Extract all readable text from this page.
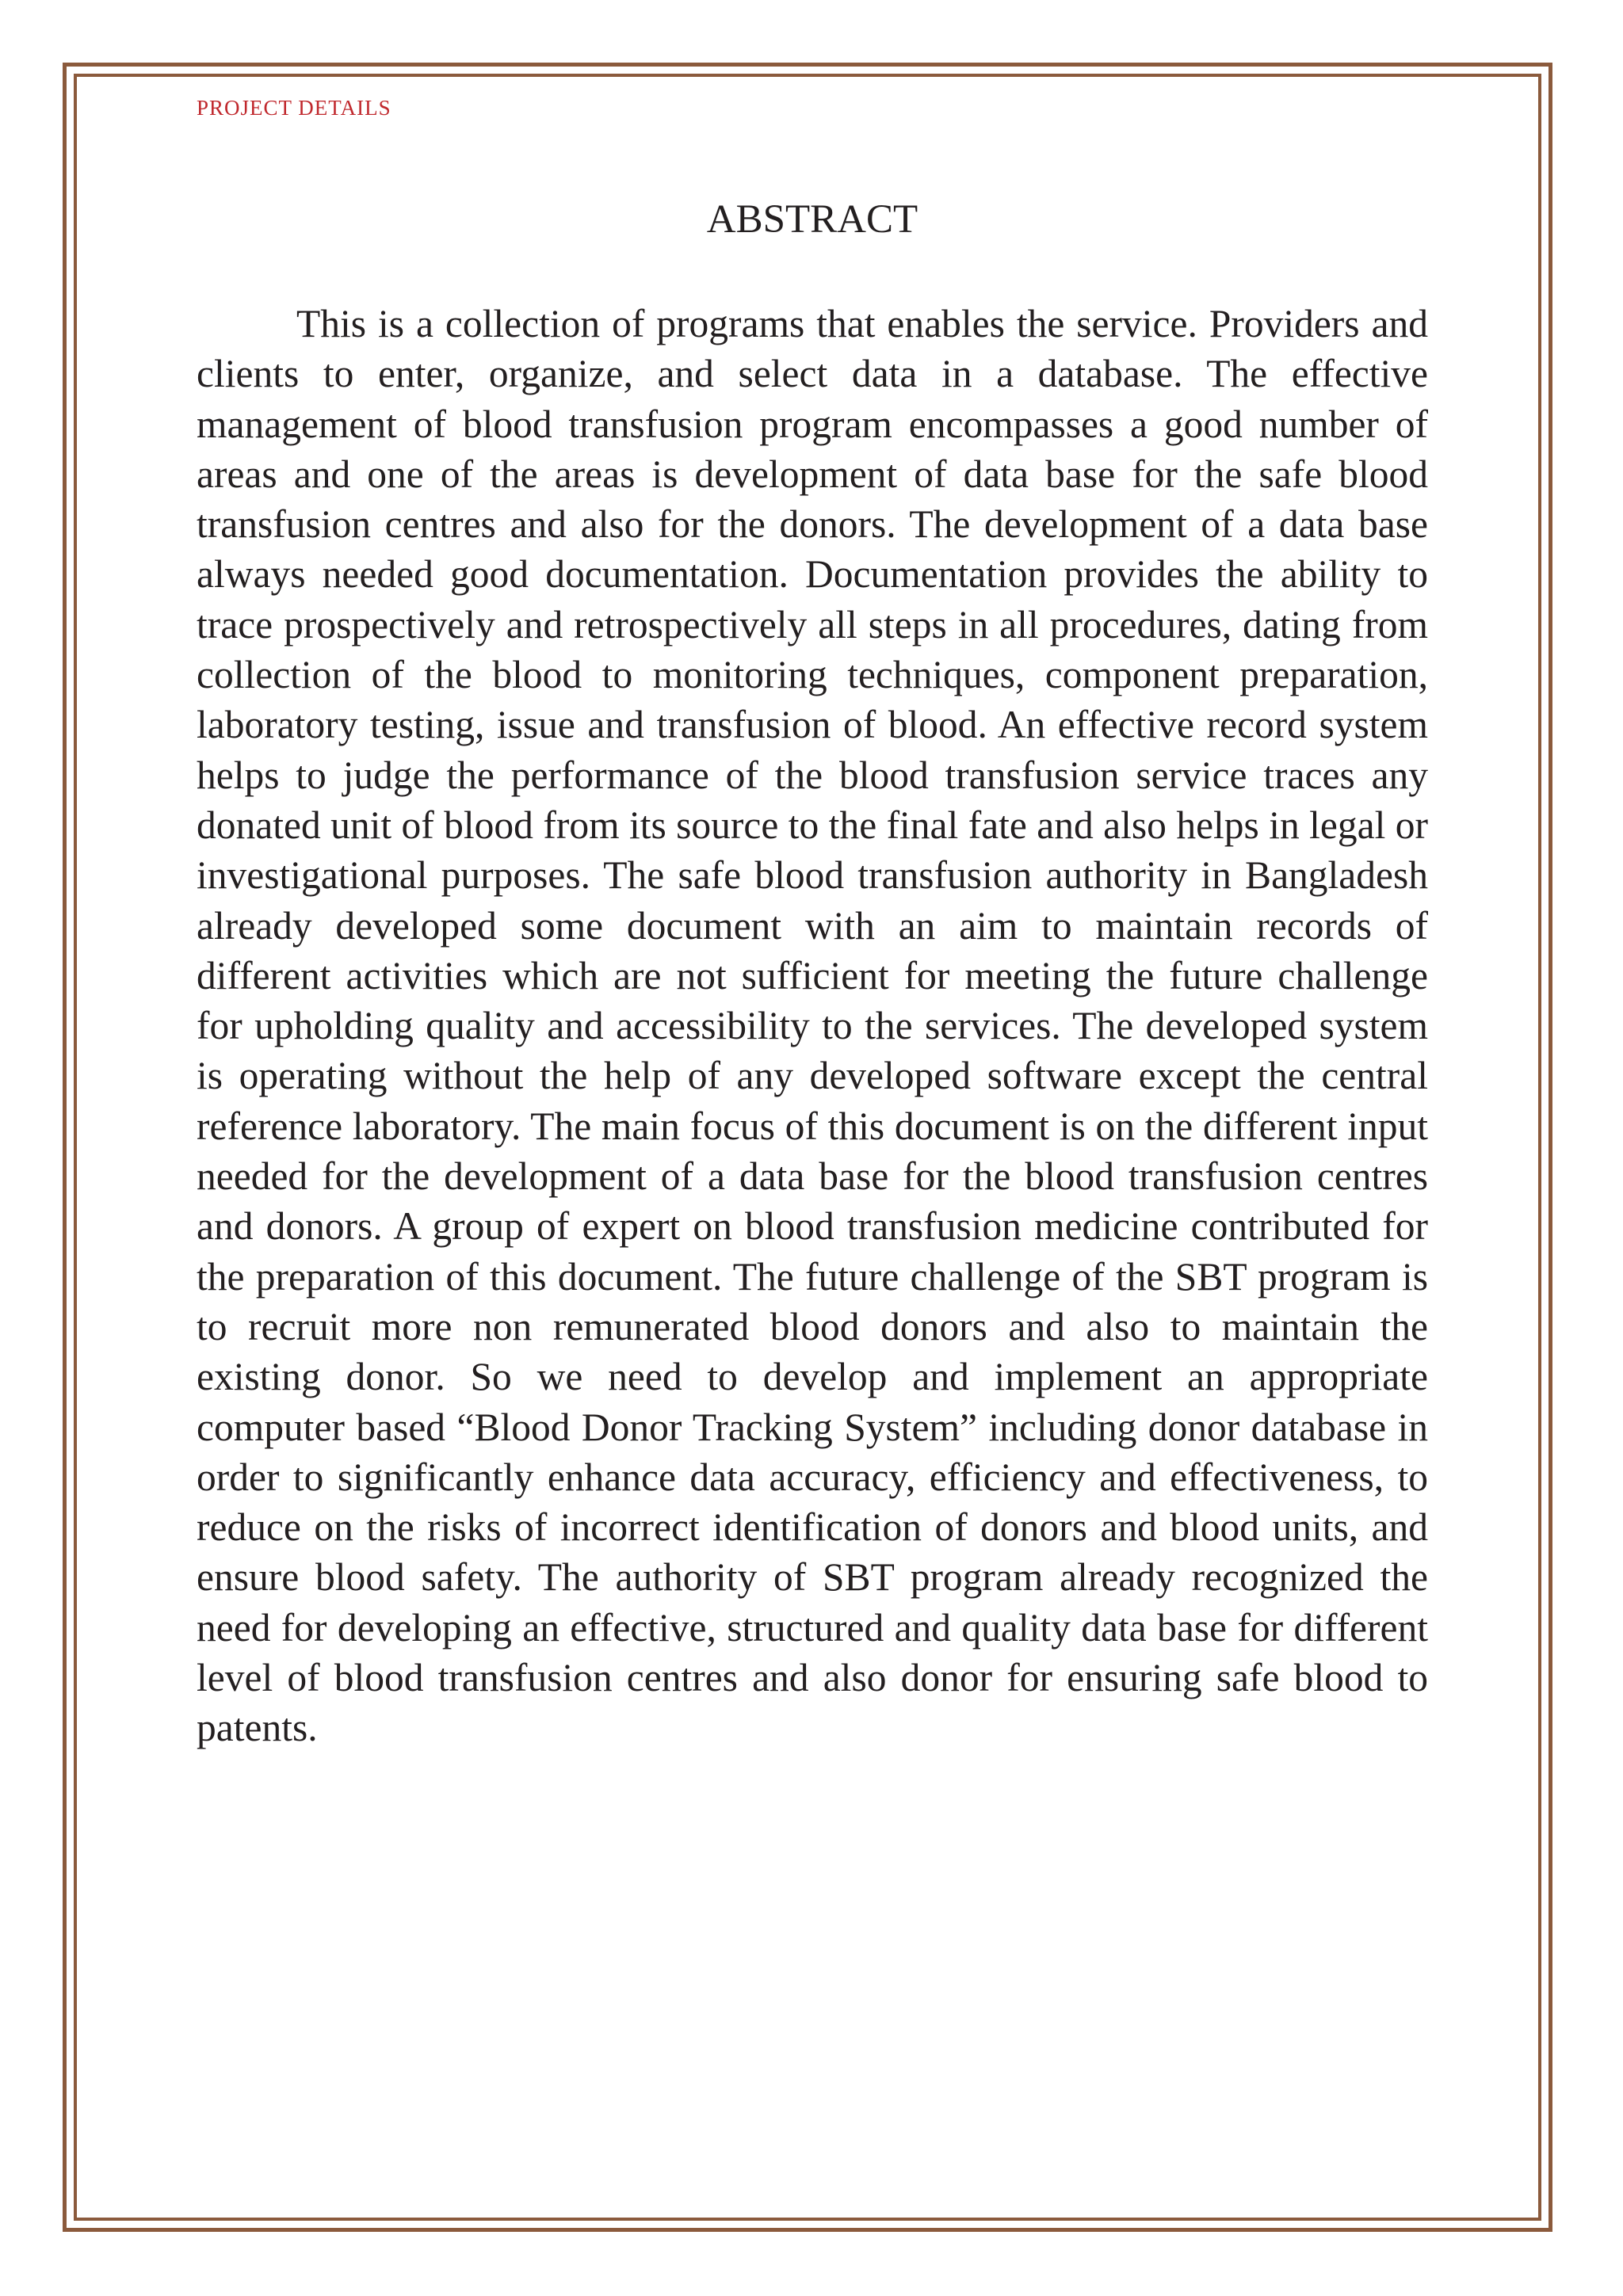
PROJECT DETAILS
ABSTRACT

This is a collection of programs that enables the service. Providers and clients to enter, organize, and select data in a database. The effective management of blood transfusion program encompasses a good number of areas and one of the areas is development of data base for the safe blood transfusion centres and also for the donors. The development of a data base always needed good documentation. Documentation provides the ability to trace prospectively and retrospectively all steps in all procedures, dating from collection of the blood to monitoring techniques, component preparation, laboratory testing, issue and transfusion of blood. An effective record system helps to judge the performance of the blood transfusion service traces any donated unit of blood from its source to the final fate and also helps in legal or investigational purposes. The safe blood transfusion authority in Bangladesh already developed some document with an aim to maintain records of different activities which are not sufficient for meeting the future challenge for upholding quality and accessibility to the services. The developed system is operating without the help of any developed software except the central reference laboratory. The main focus of this document is on the different input needed for the development of a data base for the blood transfusion centres and donors. A group of expert on blood transfusion medicine contributed for the preparation of this document. The future challenge of the SBT program is to recruit more non remunerated blood donors and also to maintain the existing donor. So we need to develop and implement an appropriate computer based “Blood Donor Tracking System” including donor database in order to significantly enhance data accuracy, efficiency and effectiveness, to reduce on the risks of incorrect identification of donors and blood units, and ensure blood safety. The authority of SBT program already recognized the need for developing an effective, structured and quality data base for different level of blood transfusion centres and also donor for ensuring safe blood to patents.
